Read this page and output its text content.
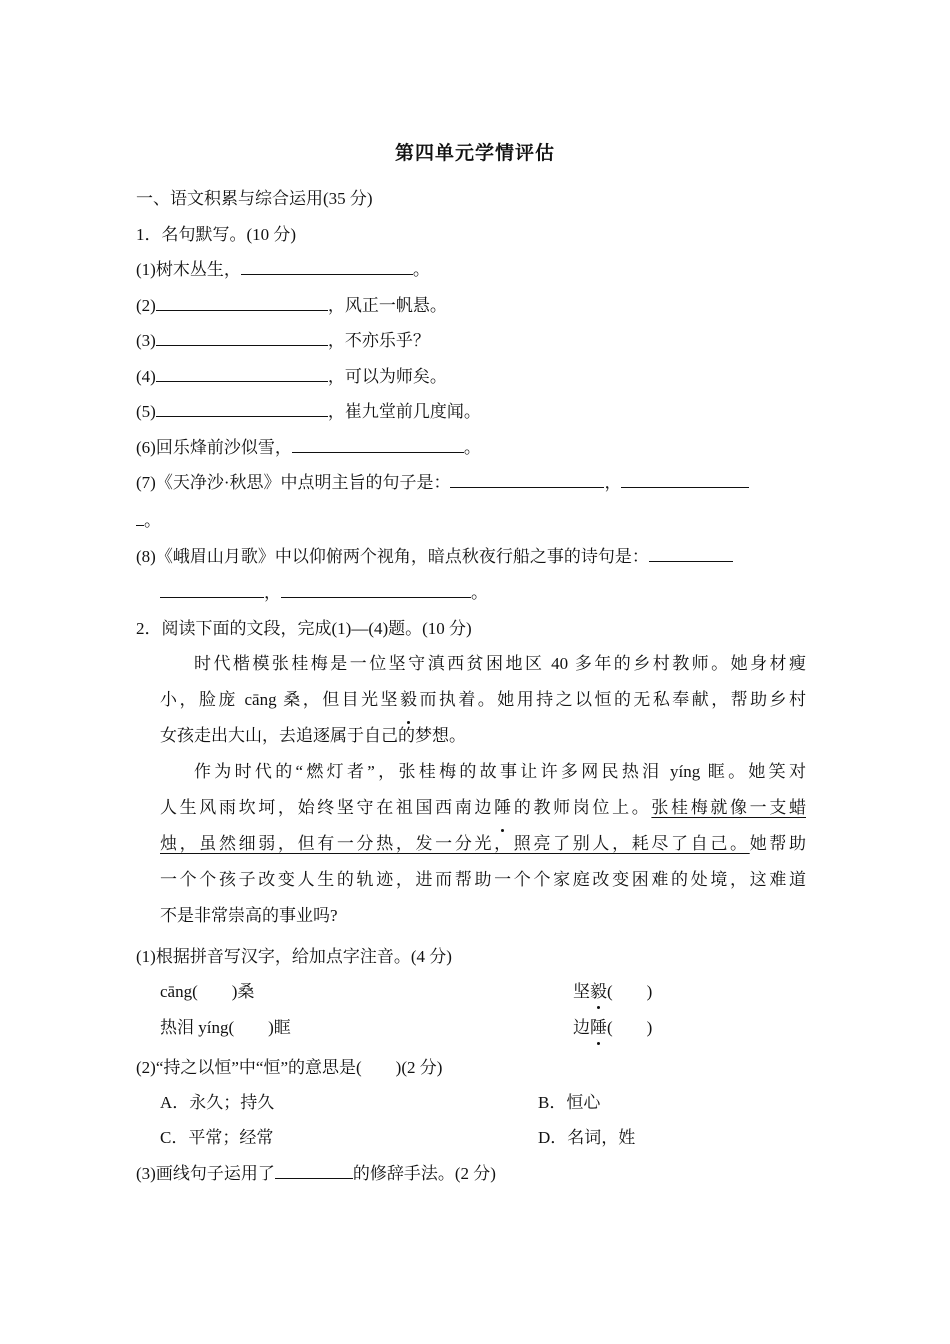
第四单元学情评估
一、语文积累与综合运用(35 分)
1．名句默写。(10 分)
(1)树木丛生，	。
(2)	，风正一帆悬。
(3)	，不亦乐乎？
(4)	，可以为师矣。
(5)	，崔九堂前几度闻。
(6)回乐烽前沙似雪，	。
(7)《天净沙·秋思》中点明主旨的句子是：	，
。
(8)《峨眉山月歌》中以仰俯两个视角，暗点秋夜行船之事的诗句是：
，	。
2．阅读下面的文段，完成(1)—(4)题。(10 分)

时代楷模张桂梅是一位坚守滇西贫困地区 40 多年的乡村教师。她身材瘦

小，脸庞 cāng 桑，但目光坚毅而执着。她用持之以恒的无私奉献，帮助乡村

女孩走出大山，去追逐属于自己的梦想。

作为时代的“燃灯者”，张桂梅的故事让许多网民热泪 yíng 眶。她笑对

人生风雨坎坷，始终坚守在祖国西南边陲的教师岗位上。张桂梅就像一支蜡

烛，虽然细弱，但有一分热，发一分光，照亮了别人，耗尽了自己。她帮助

一个个孩子改变人生的轨迹，进而帮助一个个家庭改变困难的处境，这难道

不是非常崇高的事业吗?

(1)根据拼音写汉字，给加点字注音。(4 分)
cāng(　　)桑	坚毅(　　)
热泪 yíng(　　)眶	边陲(　　)
(2)“持之以恒”中“恒”的意思是(　　)(2 分)
A．永久；持久	B．恒心
C．平常；经常	D．名词，姓
(3)画线句子运用了	的修辞手法。(2 分)
